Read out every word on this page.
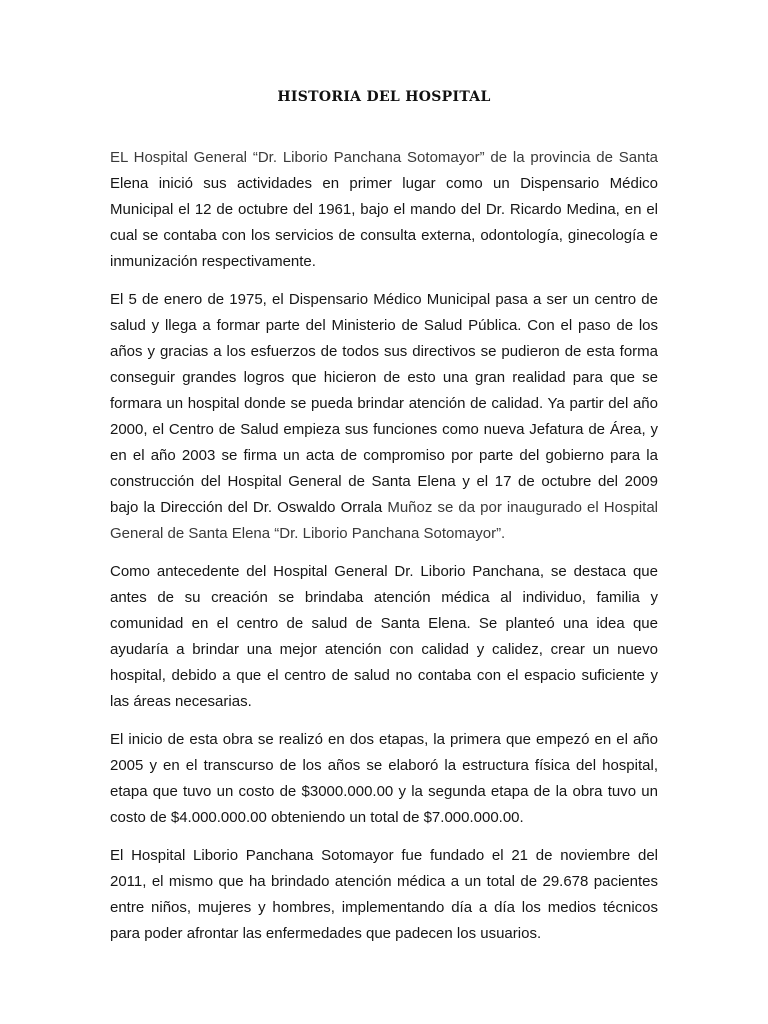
HISTORIA DEL HOSPITAL

EL Hospital General “Dr. Liborio Panchana Sotomayor” de la provincia de Santa Elena inició sus actividades en primer lugar como un Dispensario Médico Municipal el 12 de octubre del 1961, bajo el mando del Dr. Ricardo Medina, en el cual se contaba con los servicios de consulta externa, odontología, ginecología e inmunización respectivamente.

El 5 de enero de 1975, el Dispensario Médico Municipal pasa a ser un centro de salud y llega a formar parte del Ministerio de Salud Pública. Con el paso de los años y gracias a los esfuerzos de todos sus directivos se pudieron de esta forma conseguir grandes logros que hicieron de esto una gran realidad para que se formara un hospital donde se pueda brindar atención de calidad. Ya partir del año 2000, el Centro de Salud empieza sus funciones como nueva Jefatura de Área, y en el año 2003 se firma un acta de compromiso por parte del gobierno para la construcción del Hospital General de Santa Elena y el 17 de octubre del 2009 bajo la Dirección del Dr. Oswaldo Orrala Muñoz se da por inaugurado el Hospital General de Santa Elena “Dr. Liborio Panchana Sotomayor”.

Como antecedente del Hospital General Dr. Liborio Panchana, se destaca que antes de su creación se brindaba atención médica al individuo, familia y comunidad en el centro de salud de Santa Elena. Se planteó una idea que ayudaría a brindar una mejor atención con calidad y calidez, crear un nuevo hospital, debido a que el centro de salud no contaba con el espacio suficiente y las áreas necesarias.

El inicio de esta obra se realizó en dos etapas, la primera que empezó en el año 2005 y en el transcurso de los años se elaboró la estructura física del hospital, etapa que tuvo un costo de $3000.000.00 y la segunda etapa de la obra tuvo un costo de $4.000.000.00 obteniendo un total de $7.000.000.00.

El Hospital Liborio Panchana Sotomayor fue fundado el 21 de noviembre del 2011, el mismo que ha brindado atención médica a un total de 29.678 pacientes entre niños, mujeres y hombres, implementando día a día los medios técnicos para poder afrontar las enfermedades que padecen los usuarios.
